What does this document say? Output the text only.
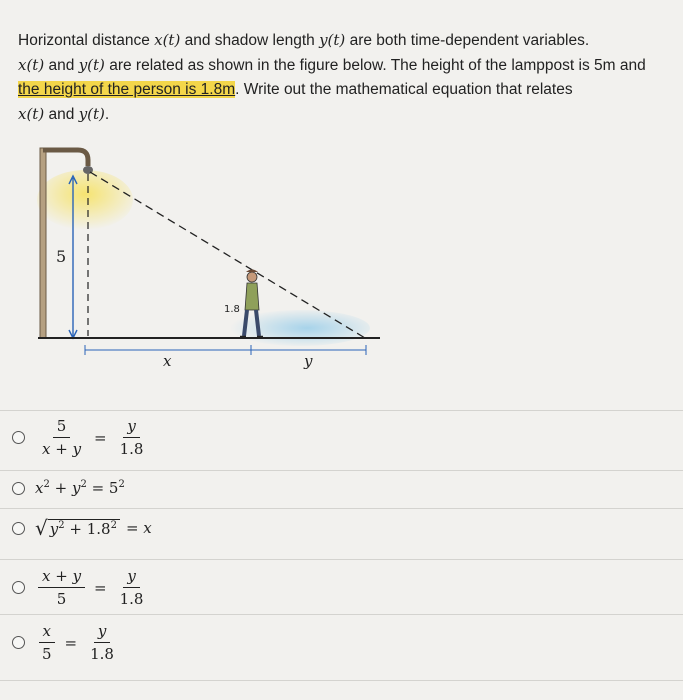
Horizontal distance x(t) and shadow length y(t) are both time-dependent variables.
x(t) and y(t) are related as shown in the figure below. The height of the lamppost is 5m and the height of the person is 1.8m. Write out the mathematical equation that relates
x(t) and y(t).
5
1.8
x	y
$\frac{5}{x + y} = \frac{y}{1.8}$
$x^2 + y^2 = 5^2$
√ $y^2 + 1.8^2 = x$
$\frac{x + y}{5} = \frac{y}{1.8}$
$\frac{x}{5} = \frac{y}{1.8}$
